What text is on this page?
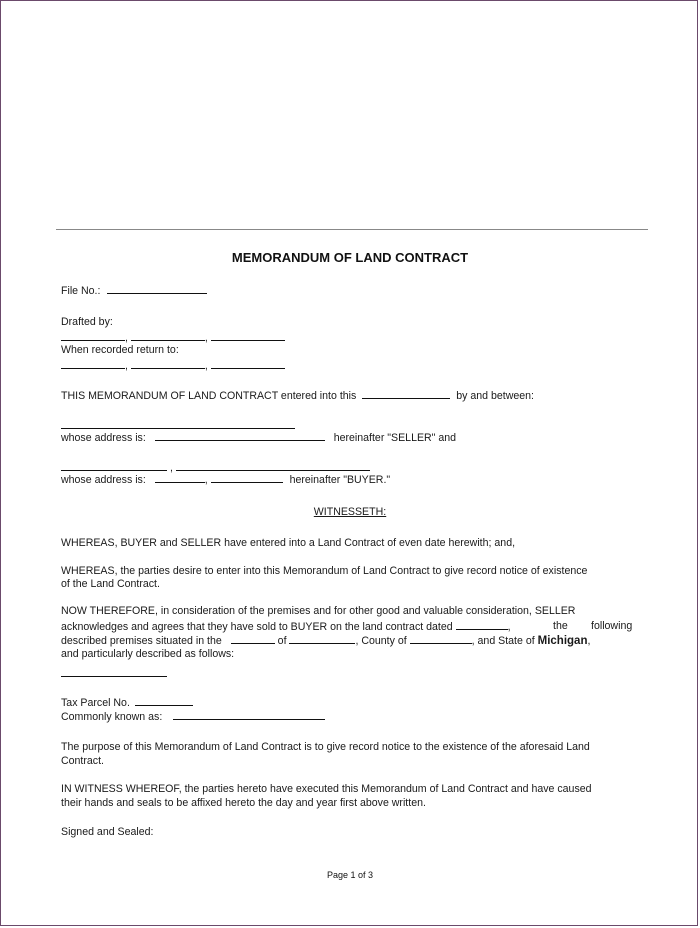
MEMORANDUM OF LAND CONTRACT
File No.:
Drafted by:
,	,
When recorded return to:
,	,
THIS MEMORANDUM OF LAND CONTRACT entered into this	by and between:
whose address is:	hereinafter "SELLER" and
,
whose address is:	,	hereinafter "BUYER."
WITNESSETH:
WHEREAS, BUYER and SELLER have entered into a Land Contract of even date herewith; and,
WHEREAS, the parties desire to enter into this Memorandum of Land Contract to give record notice of existence
of the Land Contract.
NOW THEREFORE, in consideration of the premises and for other good and valuable consideration, SELLER
acknowledges and agrees that they have sold to BUYER on the land contract dated	,	the following
described premises situated in the	of	, County of	, and State of Michigan,
and particularly described as follows:
Tax Parcel No.
Commonly known as:
The purpose of this Memorandum of Land Contract is to give record notice to the existence of the aforesaid Land
Contract.
IN WITNESS WHEREOF, the parties hereto have executed this Memorandum of Land Contract and have caused
their hands and seals to be affixed hereto the day and year first above written.
Signed and Sealed:
Page 1 of 3
